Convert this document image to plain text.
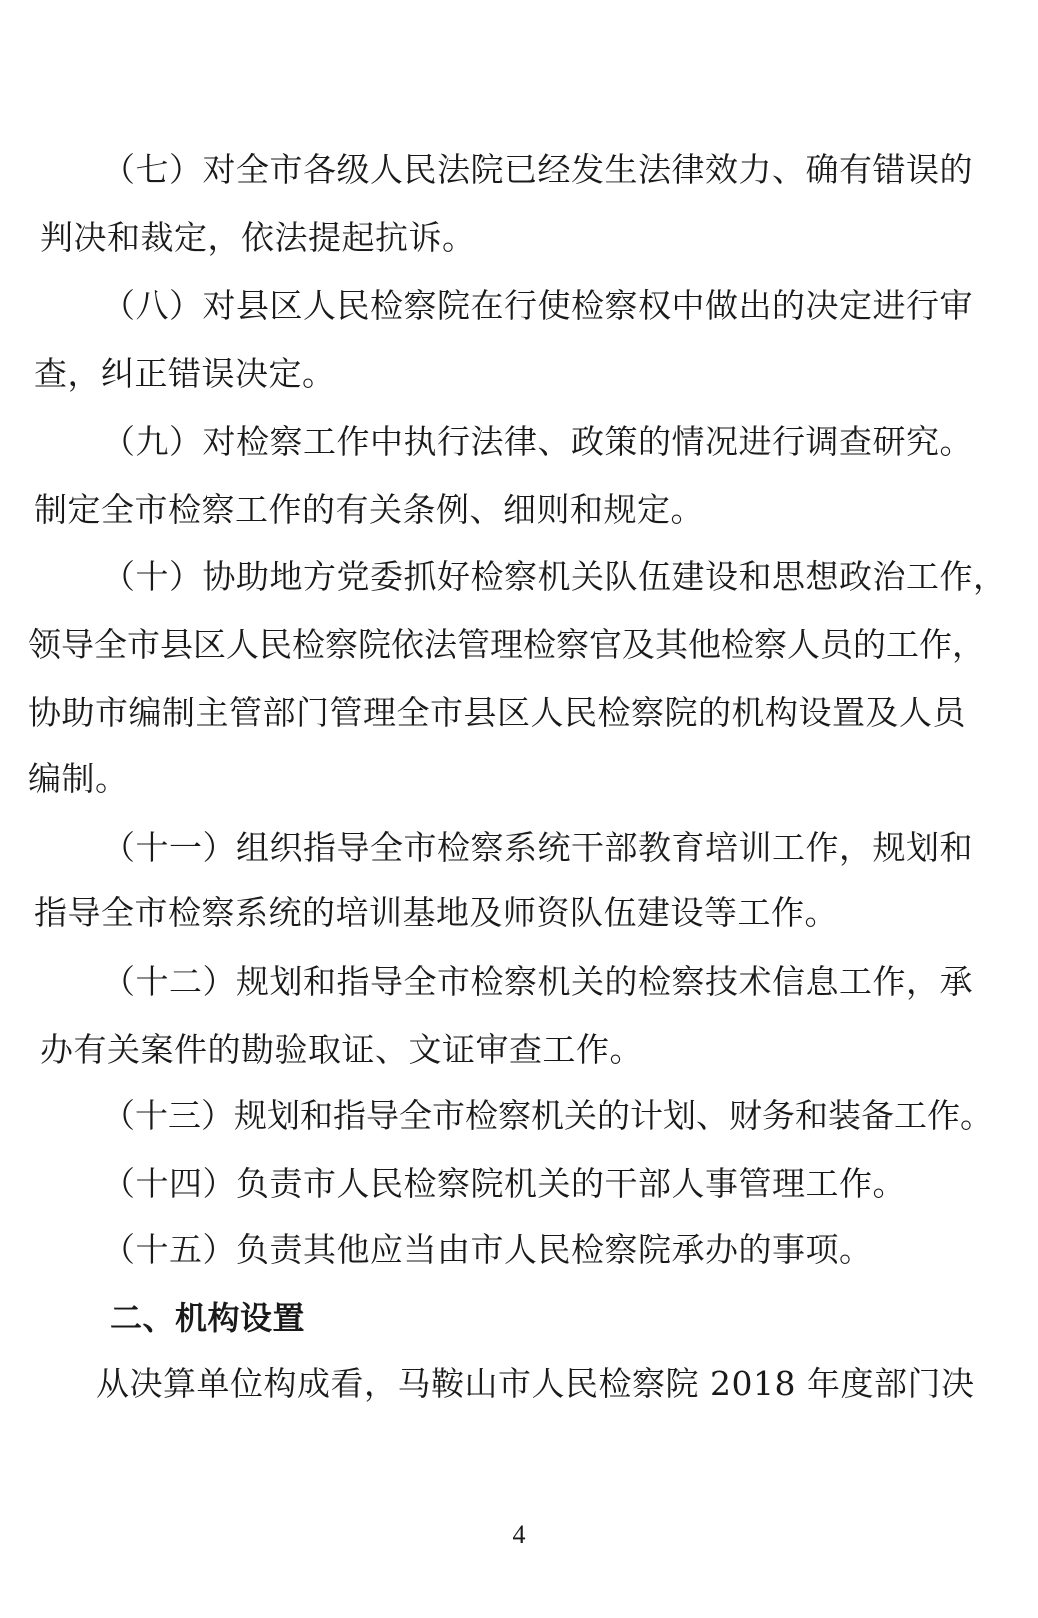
（七）对全市各级人民法院已经发生法律效力、确有错误的
判决和裁定，依法提起抗诉。
（八）对县区人民检察院在行使检察权中做出的决定进行审
查，纠正错误决定。
（九）对检察工作中执行法律、政策的情况进行调查研究。
制定全市检察工作的有关条例、细则和规定。
（十）协助地方党委抓好检察机关队伍建设和思想政治工作，
领导全市县区人民检察院依法管理检察官及其他检察人员的工作，
协助市编制主管部门管理全市县区人民检察院的机构设置及人员
编制。
（十一）组织指导全市检察系统干部教育培训工作，规划和
指导全市检察系统的培训基地及师资队伍建设等工作。
（十二）规划和指导全市检察机关的检察技术信息工作，承
办有关案件的勘验取证、文证审查工作。
（十三）规划和指导全市检察机关的计划、财务和装备工作。
（十四）负责市人民检察院机关的干部人事管理工作。
（十五）负责其他应当由市人民检察院承办的事项。
二、机构设置
从决算单位构成看，马鞍山市人民检察院 2018 年度部门决
4
